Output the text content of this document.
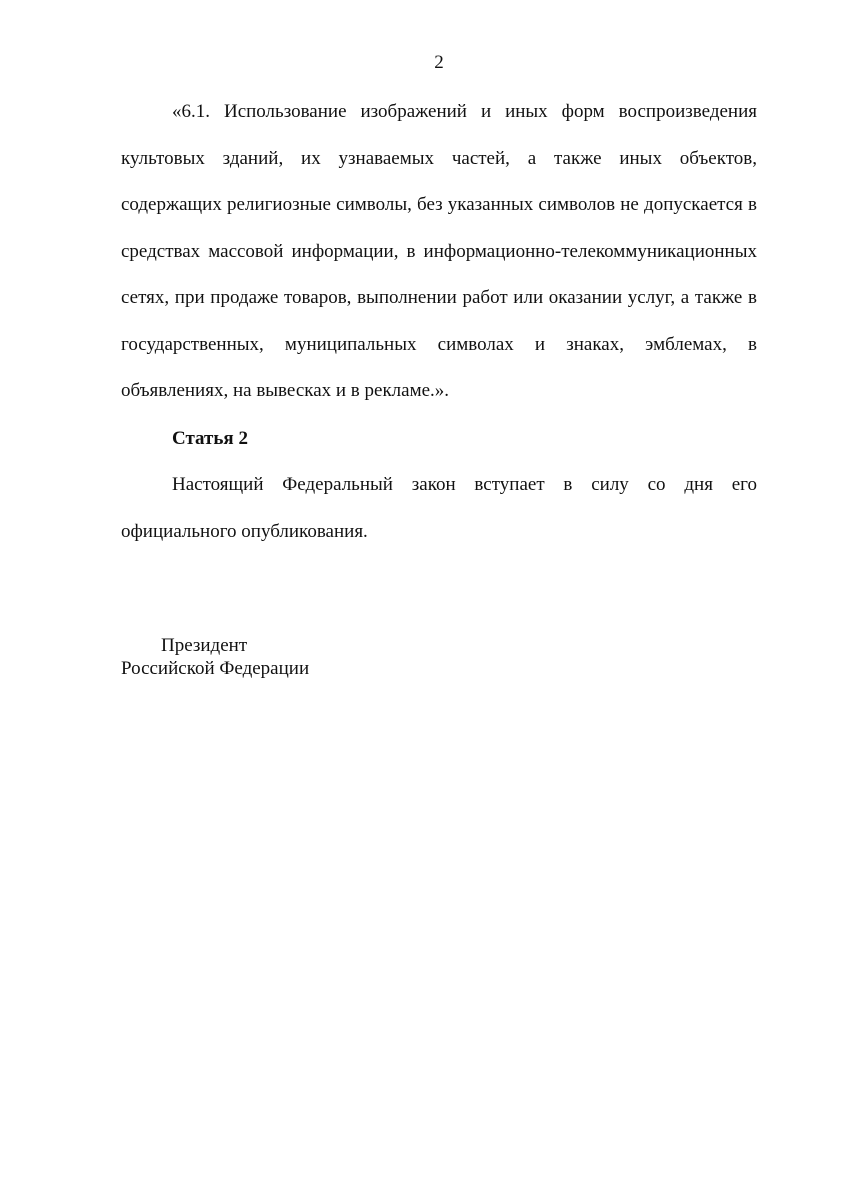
2

«6.1. Использование изображений и иных форм воспроизведения культовых зданий, их узнаваемых частей, а также иных объектов, содержащих религиозные символы, без указанных символов не допускается в средствах массовой информации, в информационно-телекоммуникационных сетях, при продаже товаров, выполнении работ или оказании услуг, а также в государственных, муниципальных символах и знаках, эмблемах, в объявлениях, на вывесках и в рекламе.».

Статья 2

Настоящий Федеральный закон вступает в силу со дня его официального опубликования.

Президент
Российской Федерации
